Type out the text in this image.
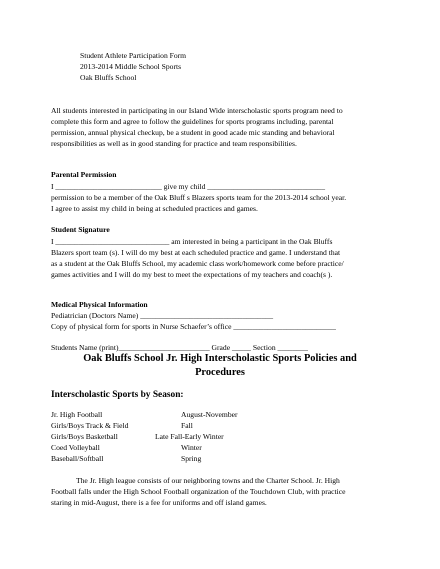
Student Athlete Participation Form
2013-2014 Middle School Sports
Oak Bluffs School
All students interested in participating in our Island Wide interscholastic sports program need to
complete this form and agree to follow the guidelines for sports programs including, parental
permission, annual physical checkup, be a student in good acade mic standing and behavioral
responsibilities as well as in good standing for practice and team responsibilities.
Parental Permission
I ____________________________ give my child _______________________________
permission to be a member of the Oak Bluff s Blazers sports team for the 2013-2014 school year.
I agree to assist my child in being at scheduled practices and games.
Student Signature
I ______________________________ am interested in being a participant in the Oak Bluffs
Blazers sport team (s). I will do my best at each scheduled practice and game. I understand that
as a student at the Oak Bluffs School, my academic class work/homework come before practice/
games activities and I will do my best to meet the expectations of my teachers and coach(s ).
Medical Physical Information
Pediatrician (Doctors Name) ___________________________________
Copy of physical form for sports in Nurse Schaefer’s office ___________________________
Students Name (print)________________________ Grade _____ Section ________
Oak Bluffs School Jr. High Interscholastic Sports Policies and
Procedures
Interscholastic Sports by Season:
Jr. High Football	August-November
Girls/Boys Track & Field	Fall
Girls/Boys Basketball	Late Fall-Early Winter
Coed Volleyball	Winter
Baseball/Softball	Spring
The Jr. High league consists of our neighboring towns and the Charter School. Jr. High
Football falls under the High School Football organization of the Touchdown Club, with practice
staring in mid-August, there is a fee for uniforms and off island games.
